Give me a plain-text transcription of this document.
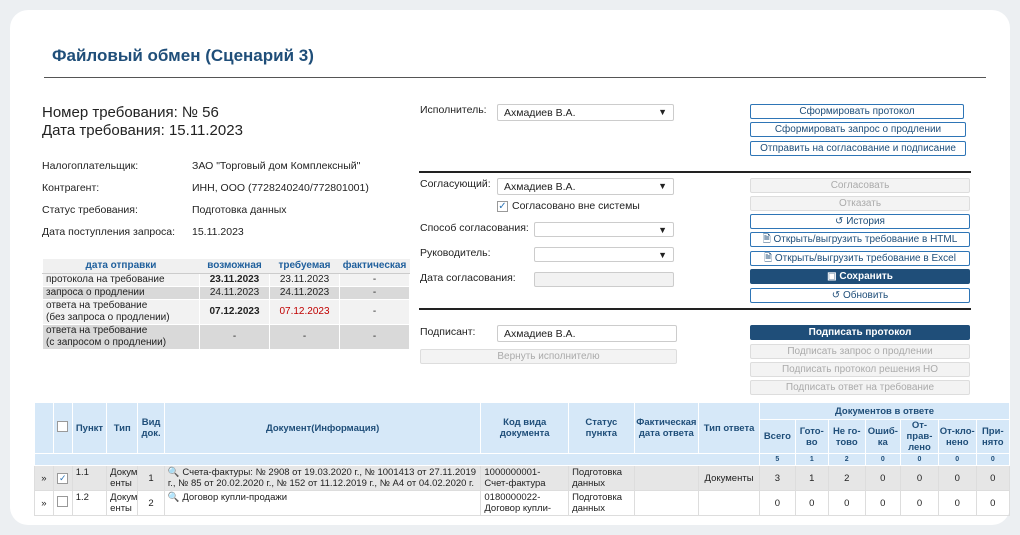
Файловый обмен (Сценарий 3)
Номер требования: № 56
Дата требования: 15.11.2023
Налогоплательщик:	ЗАО "Торговый дом Комплексный"
Контрагент:	ИНН, ООО (7728240240/772801001)
Статус требования:	Подготовка данных
Дата поступления запроса: 15.11.2023
дата отправки	возможная	требуемая	фактическая
протокола на требование	23.11.2023	23.11.2023	-
запроса о продлении	24.11.2023	24.11.2023	-
ответа на требование
(без запроса о продлении)	07.12.2023	07.12.2023	-
ответа на требование
(с запросом о продлении)	-	-	-
Исполнитель:	Ахмадиев В.А.	▼
Согласующий:	Ахмадиев В.А.	▼
✓ Согласовано вне системы
Способ согласования:	▼
Руководитель:	▼
Дата согласования:
Подписант:	Ахмадиев В.А.
Вернуть исполнителю
Сформировать протокол
Сформировать запрос о продлении
Отправить на согласование и подписание
Согласовать
Отказать
↺ История
🗎 Открыть/выгрузить требование в HTML
🗎 Открыть/выгрузить требование в Excel
▣ Сохранить
↺ Обновить
Подписать протокол
Подписать запрос о продлении
Подписать протокол решения НО
Подписать ответ на требование
		Пункт	Тип	Вид док.	Документ(Информация)	Код вида документа	Статус пункта	Фактическая дата ответа	Тип ответа	Документов в ответе						
										Всего	Гото-во	Не го-тово	Ошиб-ка	От-прав-лено	От-кло-нено	При-нято
										5	1	2	0	0	0	0
»	✓	1.1	Докум енты	1	🔍 Счета-фактуры: № 2908 от 19.03.2020 г., № 1001413 от 27.11.2019 г., № 85 от 20.02.2020 г., № 152 от 11.12.2019 г., № А4 от 04.02.2020 г.	1000000001- Счет-фактура	Подготовка данных		Документы	3	1	2	0	0	0	0
»		1.2	Докум енты	2	🔍 Договор купли-продажи	0180000022- Договор купли-	Подготовка данных			0	0	0	0	0	0	0
